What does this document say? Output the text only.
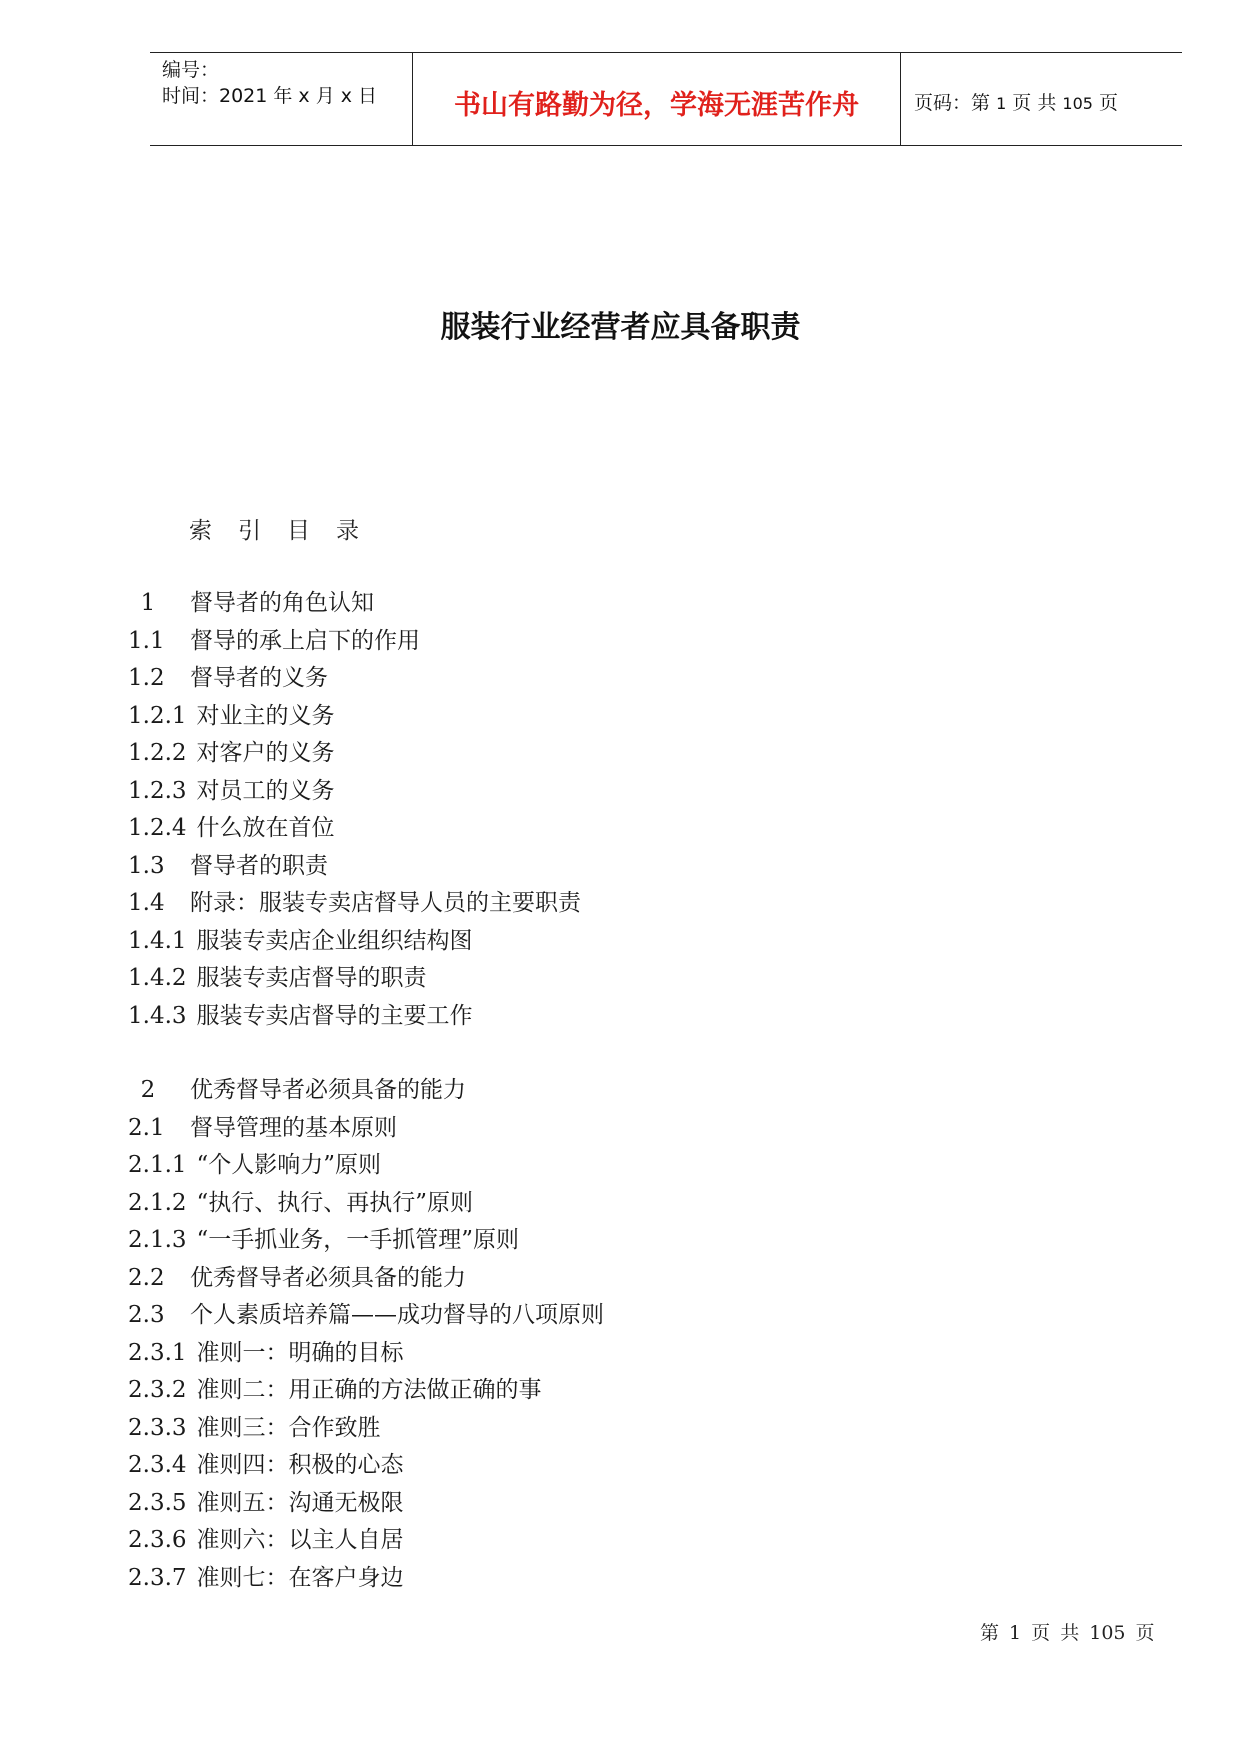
编号：
时间：2021 年 x 月 x 日	书山有路勤为径，学海无涯苦作舟	页码：第 1 页 共 105 页
服装行业经营者应具备职责
索引目录
1 督导者的角色认知
1.1 督导的承上启下的作用
1.2 督导者的义务
1.2.1 对业主的义务
1.2.2 对客户的义务
1.2.3 对员工的义务
1.2.4 什么放在首位
1.3 督导者的职责
1.4 附录：服装专卖店督导人员的主要职责
1.4.1 服装专卖店企业组织结构图
1.4.2 服装专卖店督导的职责
1.4.3 服装专卖店督导的主要工作
2 优秀督导者必须具备的能力
2.1 督导管理的基本原则
2.1.1 “个人影响力”原则
2.1.2 “执行、执行、再执行”原则
2.1.3 “一手抓业务，一手抓管理”原则
2.2 优秀督导者必须具备的能力
2.3 个人素质培养篇——成功督导的八项原则
2.3.1 准则一：明确的目标
2.3.2 准则二：用正确的方法做正确的事
2.3.3 准则三：合作致胜
2.3.4 准则四：积极的心态
2.3.5 准则五：沟通无极限
2.3.6 准则六：以主人自居
2.3.7 准则七：在客户身边
第 1 页 共 105 页
